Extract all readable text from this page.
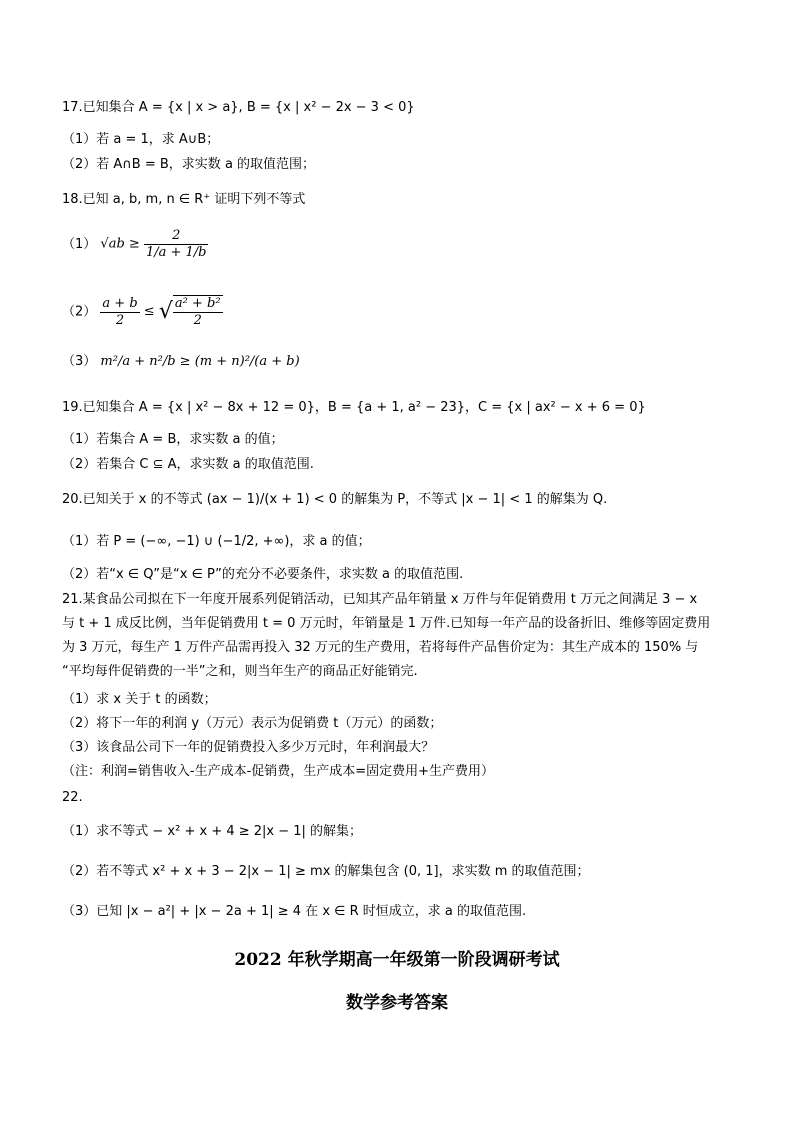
17.已知集合 A = {x | x > a}, B = {x | x² − 2x − 3 < 0}
（1）若 a = 1，求 A∪B；
（2）若 A∩B = B，求实数 a 的取值范围；
18.已知 a, b, m, n ∈ R⁺ 证明下列不等式
（1） $√ab \ge \frac{2}{1/a + 1/b}$
$(2) \frac{a + b}{2}$ ≤ √ $\frac{\text{a² + b²}}{2}$
（3） m²/a + n²/b ≥ (m + n)²/(a + b)
19.已知集合 A = {x | x² − 8x + 12 = 0}，B = {a + 1, a² − 23}，C = {x | ax² − x + 6 = 0}
（1）若集合 A = B，求实数 a 的值；
（2）若集合 C ⊆ A，求实数 a 的取值范围.
20.已知关于 x 的不等式 (ax − 1)/(x + 1) < 0 的解集为 P，不等式 |x − 1| < 1 的解集为 Q.
（1）若 P = (−∞, −1) ∪ (−1/2, +∞)，求 a 的值；
（2）若“x ∈ Q”是“x ∈ P”的充分不必要条件，求实数 a 的取值范围.
21.某食品公司拟在下一年度开展系列促销活动，已知其产品年销量 x 万件与年促销费用 t 万元之间满足 3 − x
与 t + 1 成反比例，当年促销费用 t = 0 万元时，年销量是 1 万件.已知每一年产品的设备折旧、维修等固定费用
为 3 万元，每生产 1 万件产品需再投入 32 万元的生产费用，若将每件产品售价定为：其生产成本的 150% 与
“平均每件促销费的一半”之和，则当年生产的商品正好能销完.
（1）求 x 关于 t 的函数；
（2）将下一年的利润 y（万元）表示为促销费 t（万元）的函数；
（3）该食品公司下一年的促销费投入多少万元时，年利润最大？
（注：利润=销售收入-生产成本-促销费，生产成本=固定费用+生产费用）
22.
（1）求不等式 − x² + x + 4 ≥ 2|x − 1| 的解集；
（2）若不等式 x² + x + 3 − 2|x − 1| ≥ mx 的解集包含 (0, 1]，求实数 m 的取值范围；
（3）已知 |x − a²| + |x − 2a + 1| ≥ 4 在 x ∈ R 时恒成立，求 a 的取值范围.
2022 年秋学期高一年级第一阶段调研考试
数学参考答案
